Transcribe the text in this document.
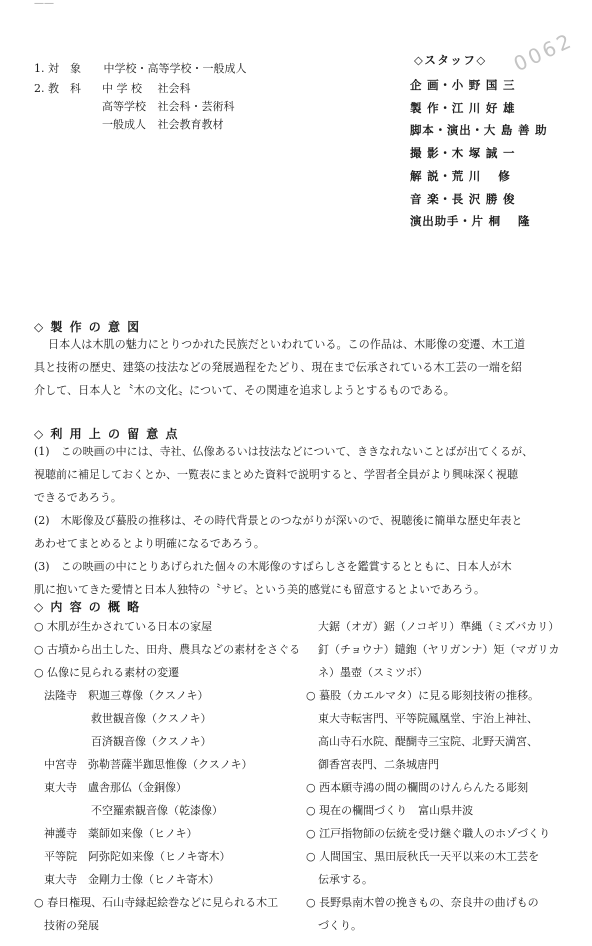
——
0062
1. 対　象 中学校・高等学校・一般成人
2. 教　科 中 学 校 社会科
高等学校 社会科・芸術科
一般成人 社会教育教材
◇スタッフ◇
企 画・小 野 国 三
製 作・江 川 好 雄
脚本・演出・大 島 善 助
撮 影・木 塚 誠 一
解 説・荒 川　 修
音 楽・長 沢 勝 俊
演出助手・片 桐　 隆
◇ 製 作 の 意 図
日本人は木肌の魅力にとりつかれた民族だといわれている。この作品は、木彫像の変遷、木工道
具と技術の歴史、建築の技法などの発展過程をたどり、現在まで伝承されている木工芸の一端を紹
介して、日本人と〝木の文化〟について、その関連を追求しようとするものである。
◇ 利 用 上 の 留 意 点
(1)　この映画の中には、寺社、仏像あるいは技法などについて、ききなれないことばが出てくるが、
視聴前に補足しておくとか、一覧表にまとめた資料で説明すると、学習者全員がより興味深く視聴
できるであろう。
(2)　木彫像及び蟇股の推移は、その時代背景とのつながりが深いので、視聴後に簡単な歴史年表と
あわせてまとめるとより明確になるであろう。
(3)　この映画の中にとりあげられた個々の木彫像のすばらしさを鑑賞するとともに、日本人が木
肌に抱いてきた愛情と日本人独特の〝サビ〟という美的感覚にも留意するとよいであろう。
◇ 内 容 の 概 略
○ 木肌が生かされている日本の家屋
○ 古墳から出土した、田舟、農具などの素材をさぐる
○ 仏像に見られる素材の変遷
法隆寺　釈迦三尊像（クスノキ）
救世観音像（クスノキ）
百済観音像（クスノキ）
中宮寺　弥勒菩薩半跏思惟像（クスノキ）
東大寺　盧舎那仏（金銅像）
不空羅索観音像（乾漆像）
神護寺　薬師如来像（ヒノキ）
平等院　阿弥陀如来像（ヒノキ寄木）
東大寺　金剛力士像（ヒノキ寄木）
○ 春日権現、石山寺縁起絵巻などに見られる木工
技術の発展
大鋸（オガ）鋸（ノコギリ）準縄（ミズバカリ）
釘（チョウナ）鑓鉋（ヤリガンナ）矩（マガリカ
ネ）墨壺（スミツボ）
○ 蟇股（カエルマタ）に見る彫刻技術の推移。
東大寺転害門、平等院鳳凰堂、宇治上神社、
高山寺石水院、醍醐寺三宝院、北野天満宮、
御香宮表門、二条城唐門
○ 西本願寺鴻の間の欄間のけんらんたる彫刻
○ 現在の欄間づくり　富山県井波
○ 江戸指物師の伝統を受け継ぐ職人のホゾづくり
○ 人間国宝、黒田辰秋氏一天平以来の木工芸を
伝承する。
○ 長野県南木曾の挽きもの、奈良井の曲げもの
づくり。
